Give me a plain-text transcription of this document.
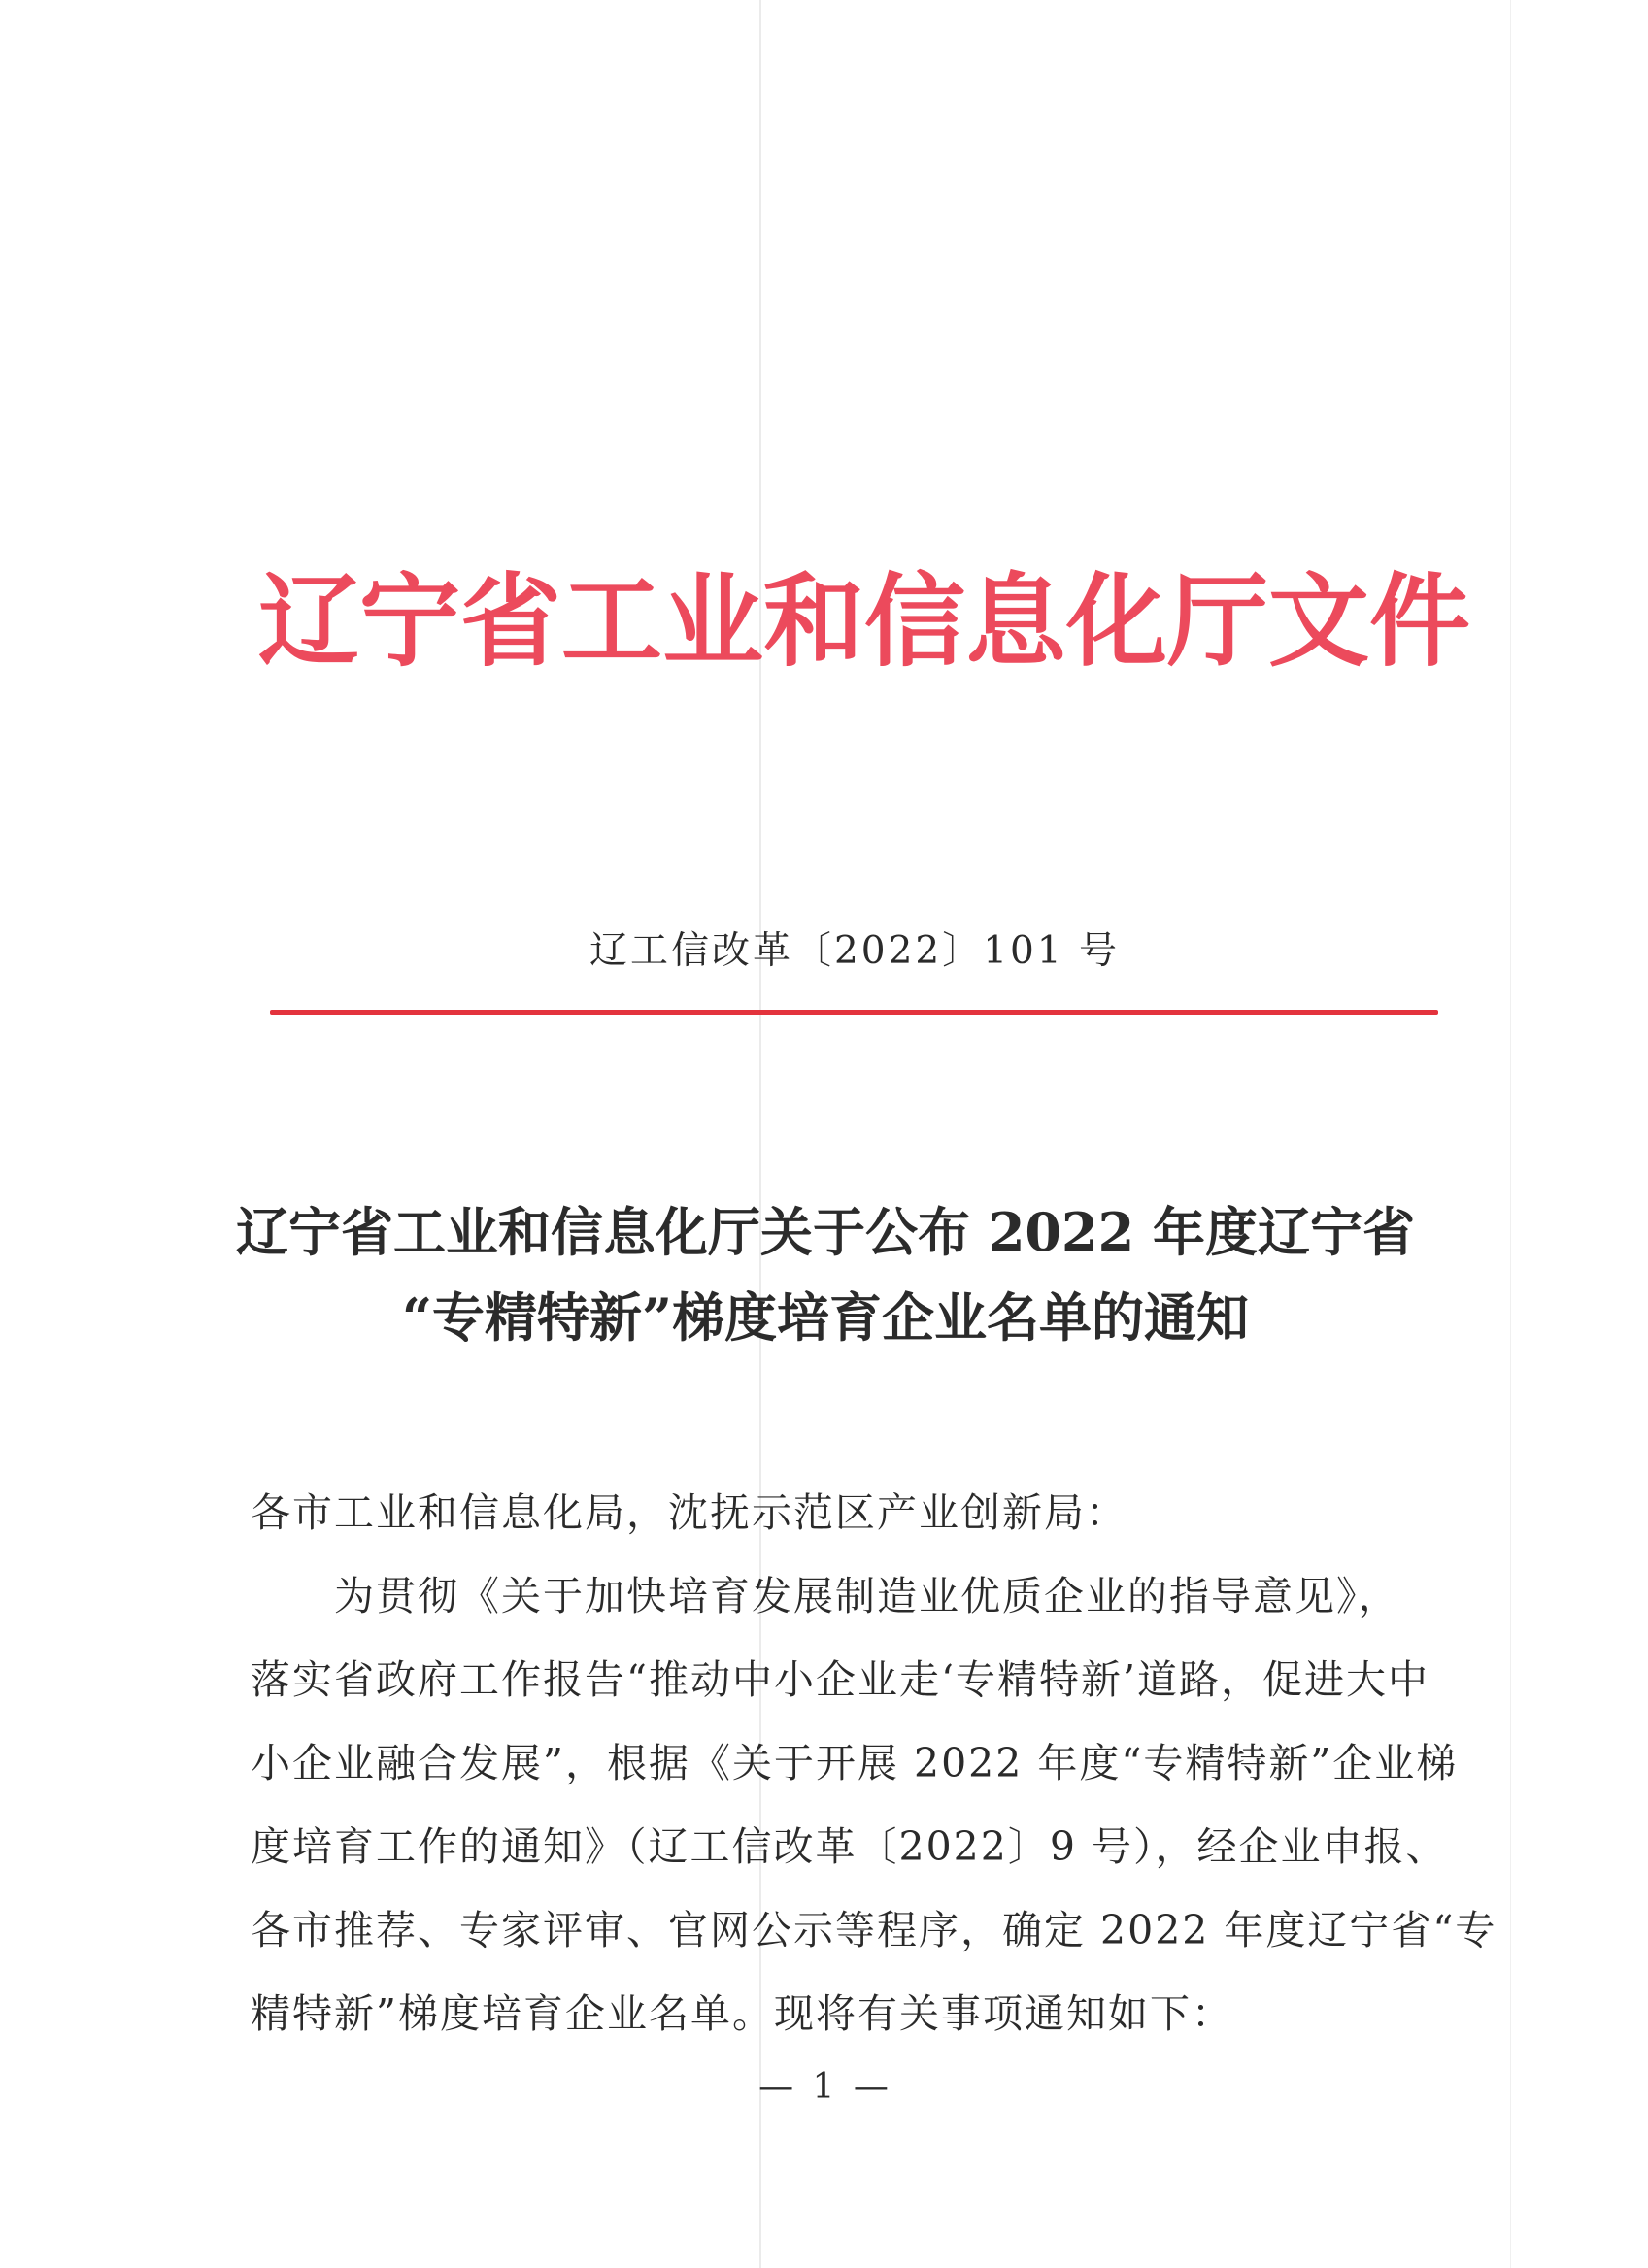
辽宁省工业和信息化厅文件
辽工信改革〔2022〕101 号
辽宁省工业和信息化厅关于公布 2022 年度辽宁省
“专精特新”梯度培育企业名单的通知
各市工业和信息化局，沈抚示范区产业创新局：
为贯彻《关于加快培育发展制造业优质企业的指导意见》，
落实省政府工作报告“推动中小企业走‘专精特新’道路，促进大中
小企业融合发展”，根据《关于开展 2022 年度“专精特新”企业梯
度培育工作的通知》（辽工信改革〔2022〕9 号），经企业申报、
各市推荐、专家评审、官网公示等程序，确定 2022 年度辽宁省“专
精特新”梯度培育企业名单。现将有关事项通知如下：
— 1 —
